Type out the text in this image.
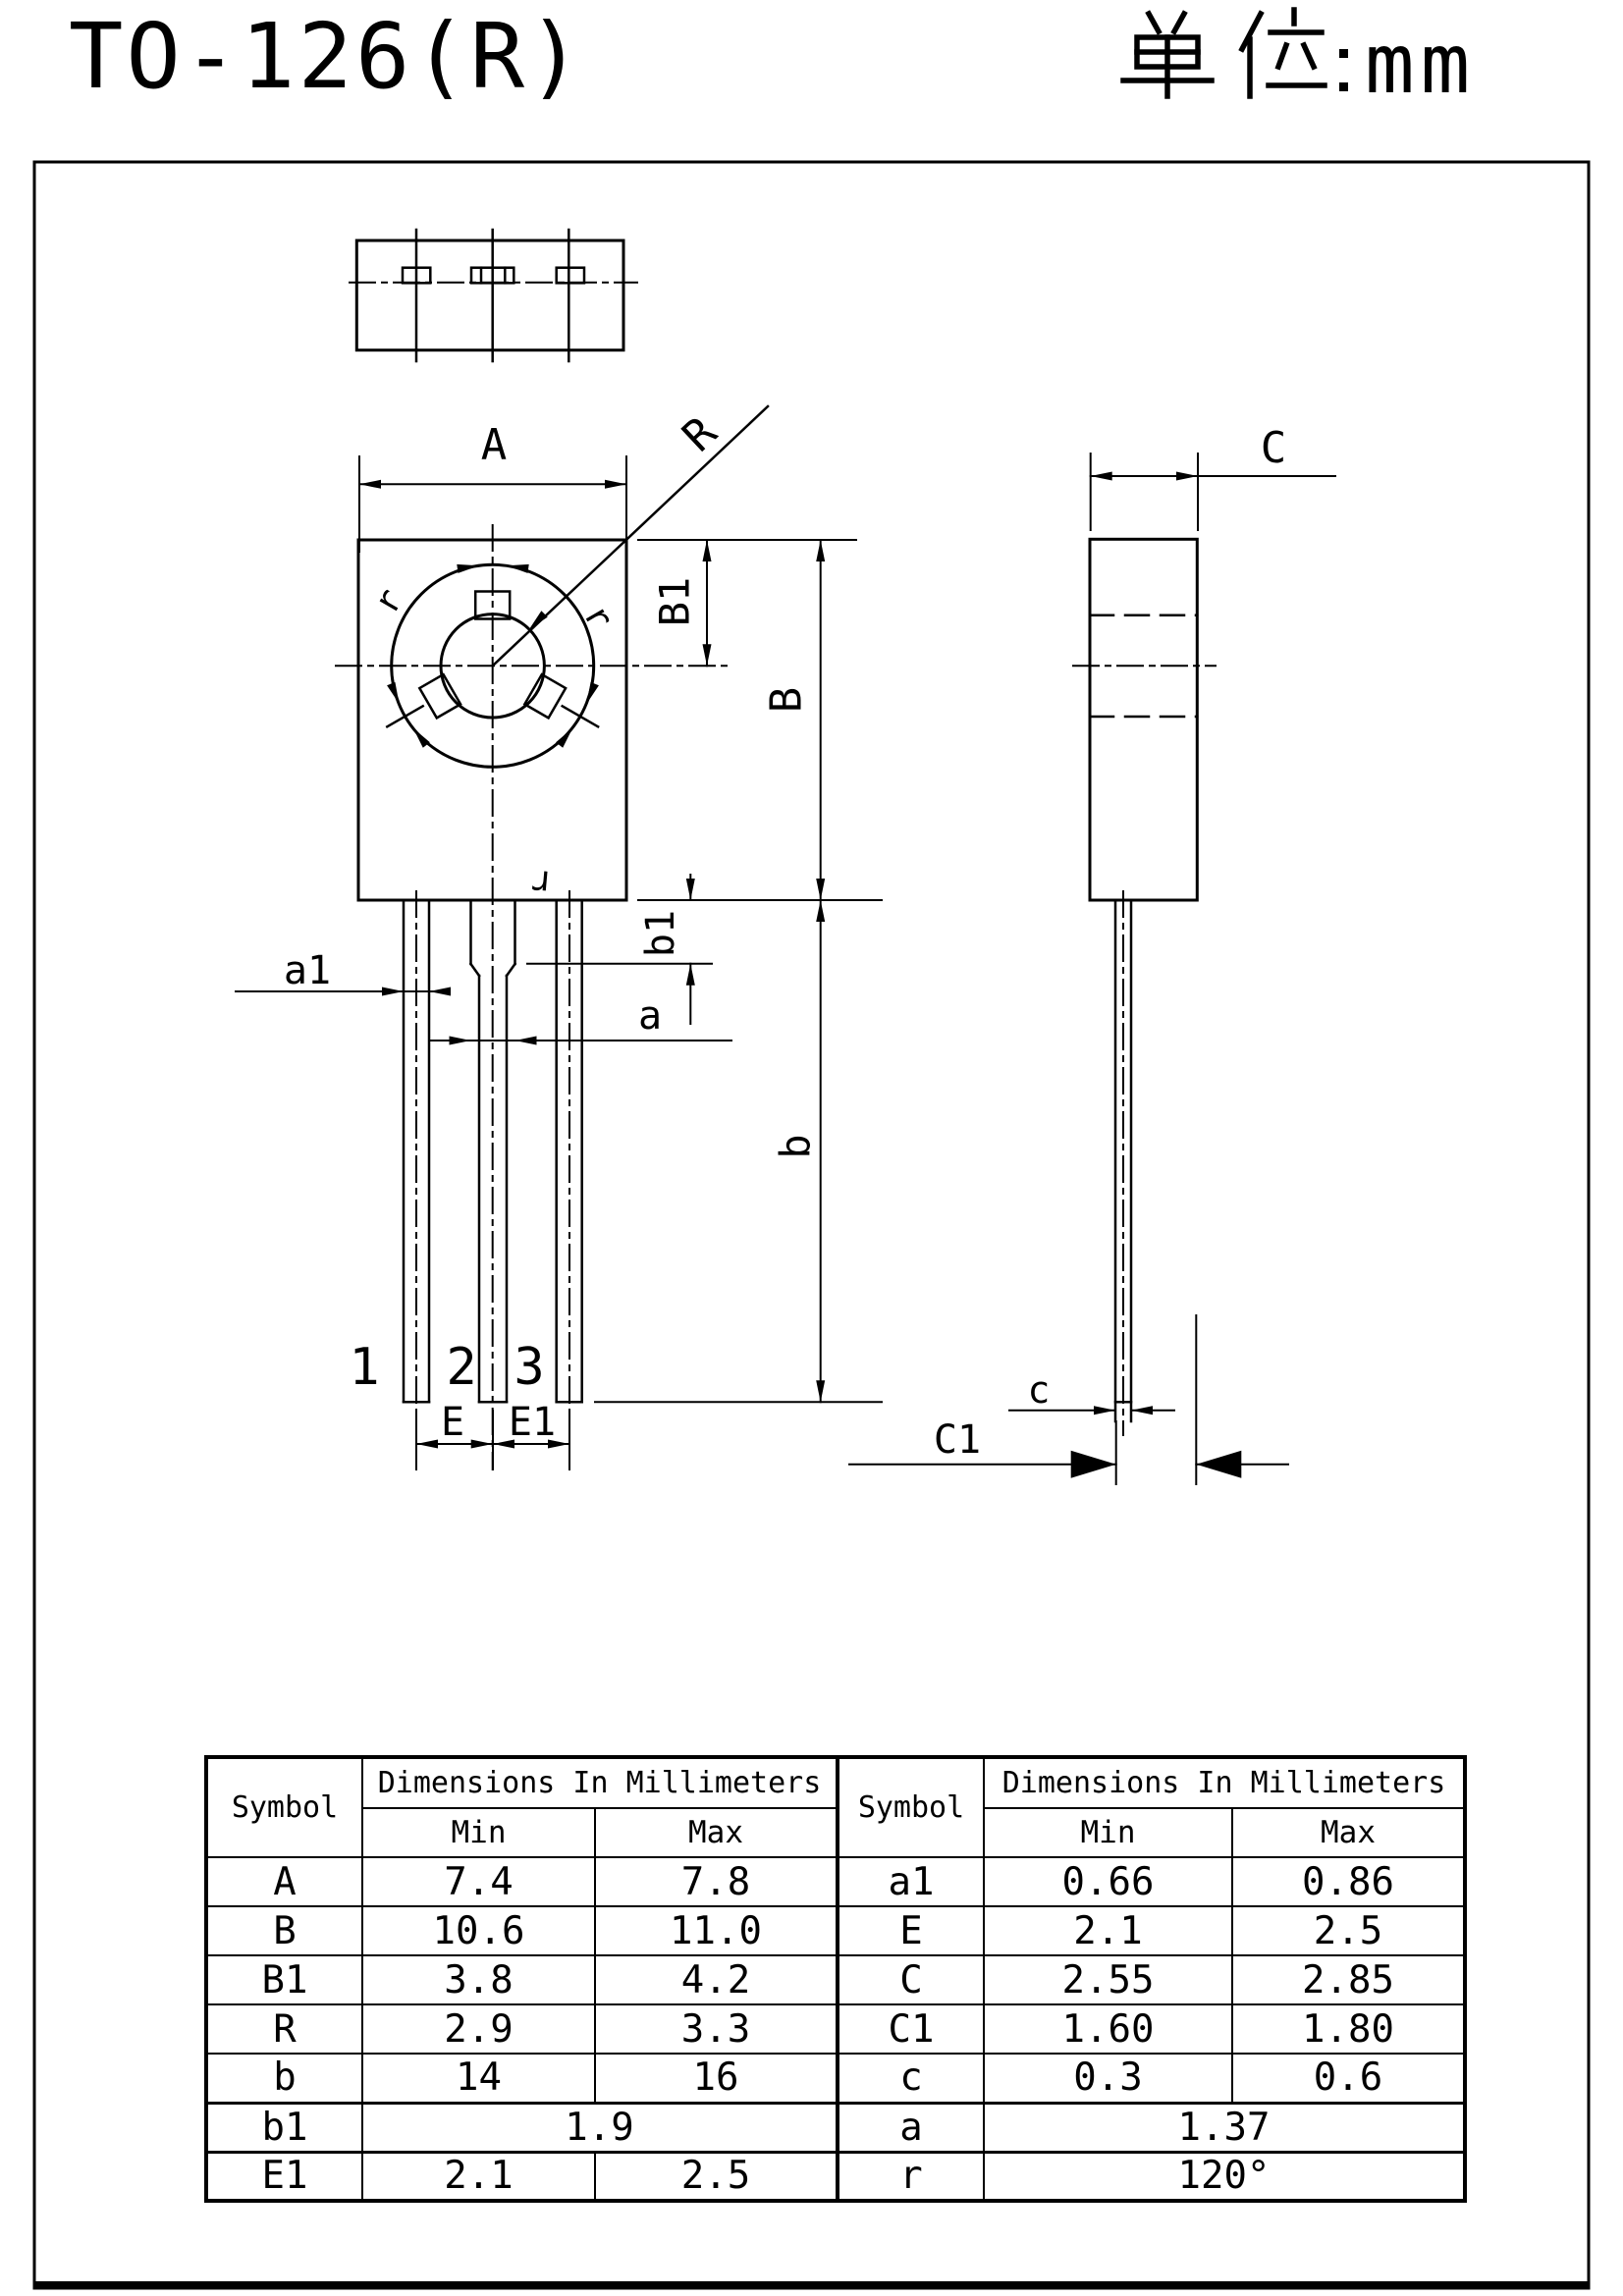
TO-126(R)	mm
A	R
B1
B
b1
b
a1
a
E E1
C
c
C1
r	r
r
1 2 3
Symbol	Dimensions In Millimeters	
	Min	Max
A	7.4	7.8
B	10.6	11.0
B1	3.8	4.2
R	2.9	3.3
b	14	16
b1	1.9	
E1	2.1	2.5
Symbol	Dimensions In Millimeters	
	Min	Max
a1	0.66	0.86
E	2.1	2.5
C	2.55	2.85
C1	1.60	1.80
c	0.3	0.6
a	1.37	
r	120°	
